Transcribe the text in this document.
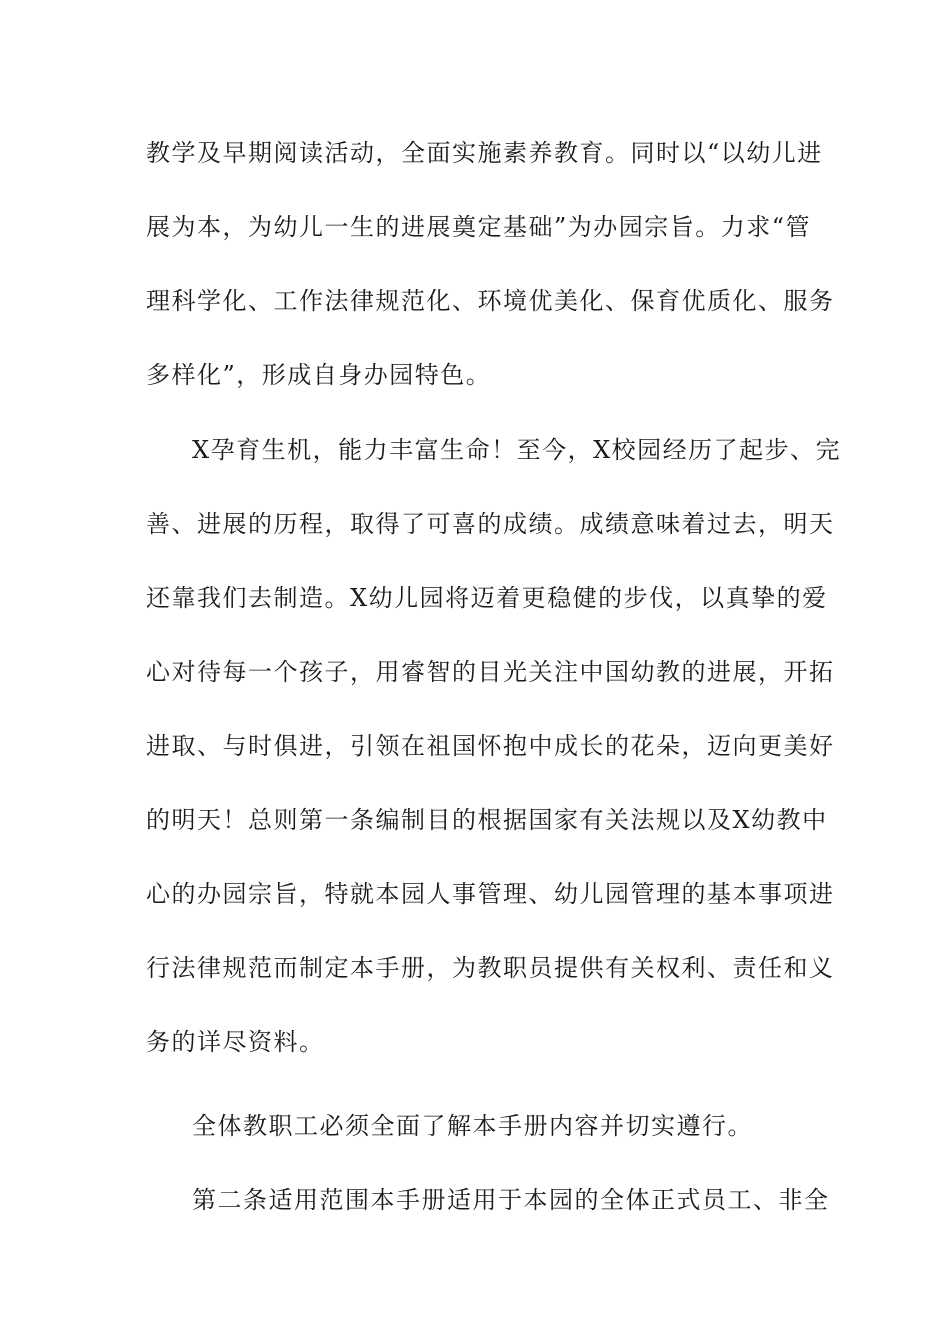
教学及早期阅读活动，全面实施素养教育。同时以“以幼儿进
展为本，为幼儿一生的进展奠定基础”为办园宗旨。力求“管
理科学化、工作法律规范化、环境优美化、保育优质化、服务
多样化”，形成自身办园特色。
X孕育生机，能力丰富生命！至今，X校园经历了起步、完
善、进展的历程，取得了可喜的成绩。成绩意味着过去，明天
还靠我们去制造。X幼儿园将迈着更稳健的步伐，以真挚的爱
心对待每一个孩子，用睿智的目光关注中国幼教的进展，开拓
进取、与时俱进，引领在祖国怀抱中成长的花朵，迈向更美好
的明天！总则第一条编制目的根据国家有关法规以及X幼教中
心的办园宗旨，特就本园人事管理、幼儿园管理的基本事项进
行法律规范而制定本手册，为教职员提供有关权利、责任和义
务的详尽资料。
全体教职工必须全面了解本手册内容并切实遵行。
第二条适用范围本手册适用于本园的全体正式员工、非全
